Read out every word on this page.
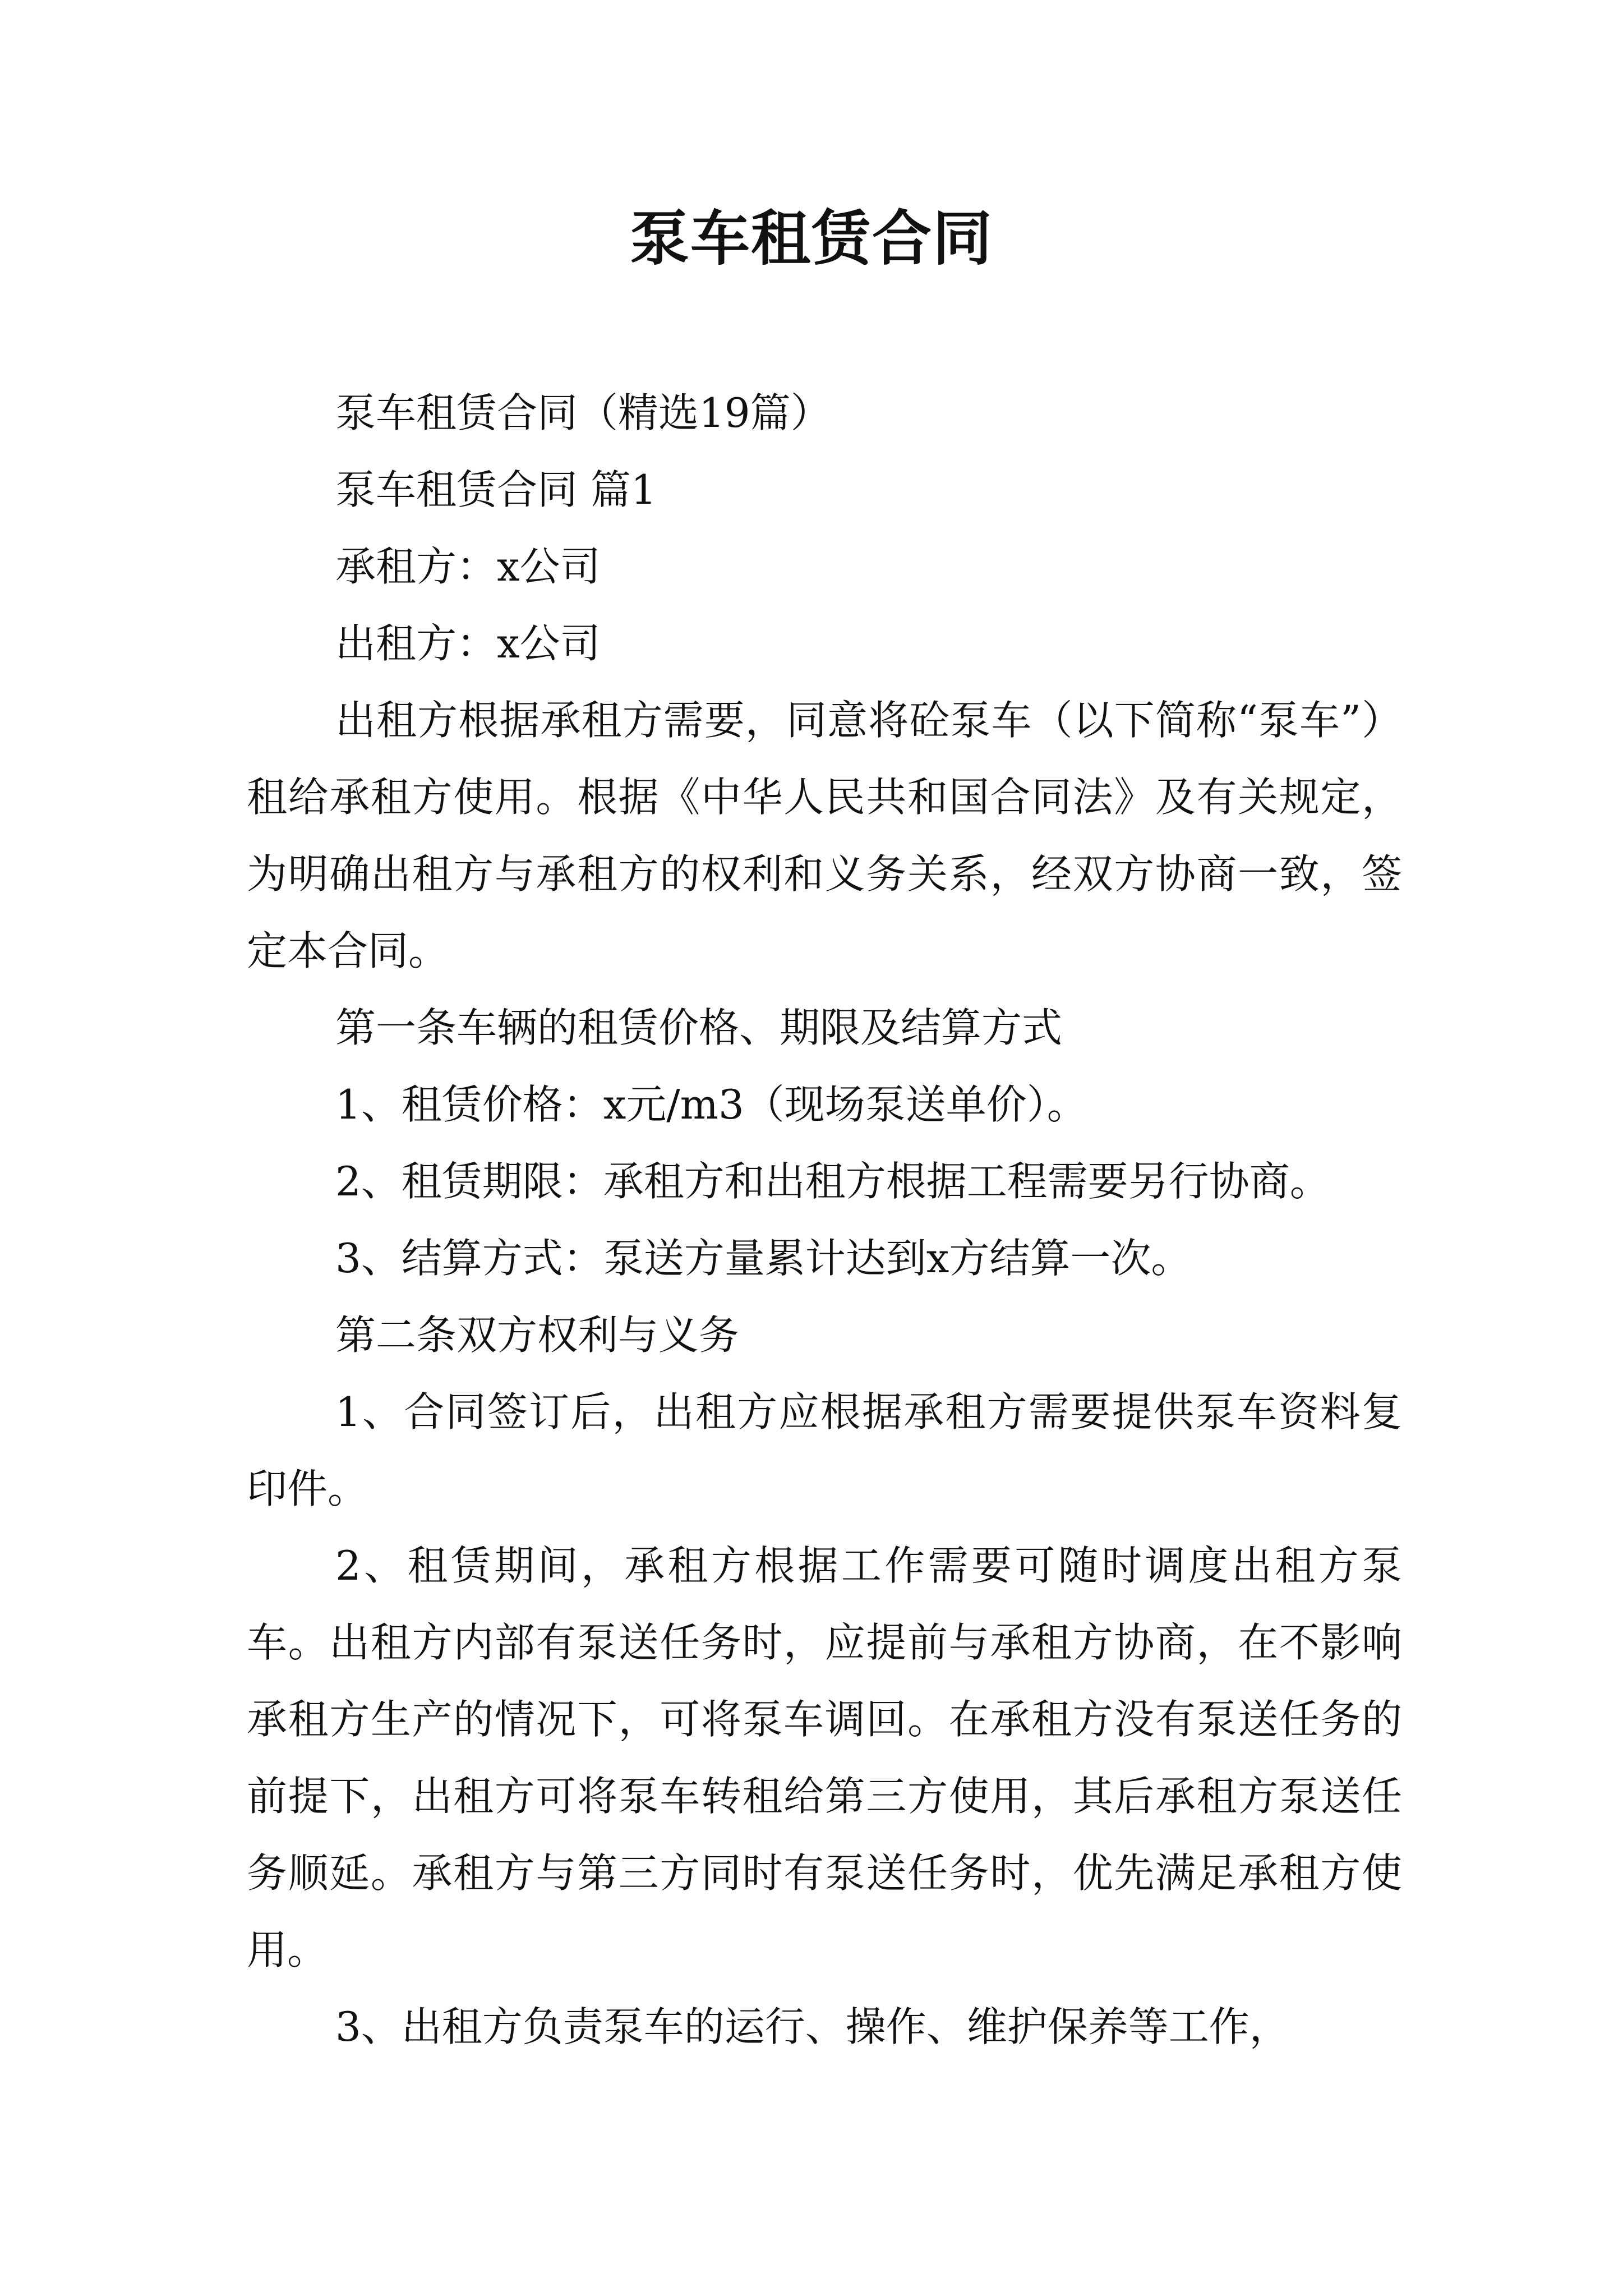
泵车租赁合同

泵车租赁合同（精选19篇）

泵车租赁合同 篇1

承租方：x公司

出租方：x公司

出租方根据承租方需要，同意将砼泵车（以下简称“泵车”）租给承租方使用。根据《中华人民共和国合同法》及有关规定，为明确出租方与承租方的权利和义务关系，经双方协商一致，签定本合同。

第一条车辆的租赁价格、期限及结算方式

1、租赁价格：x元/m3（现场泵送单价）。

2、租赁期限：承租方和出租方根据工程需要另行协商。

3、结算方式：泵送方量累计达到x方结算一次。

第二条双方权利与义务

1、合同签订后，出租方应根据承租方需要提供泵车资料复印件。

2、租赁期间，承租方根据工作需要可随时调度出租方泵车。出租方内部有泵送任务时，应提前与承租方协商，在不影响承租方生产的情况下，可将泵车调回。在承租方没有泵送任务的前提下，出租方可将泵车转租给第三方使用，其后承租方泵送任务顺延。承租方与第三方同时有泵送任务时，优先满足承租方使用。

3、出租方负责泵车的运行、操作、维护保养等工作，
